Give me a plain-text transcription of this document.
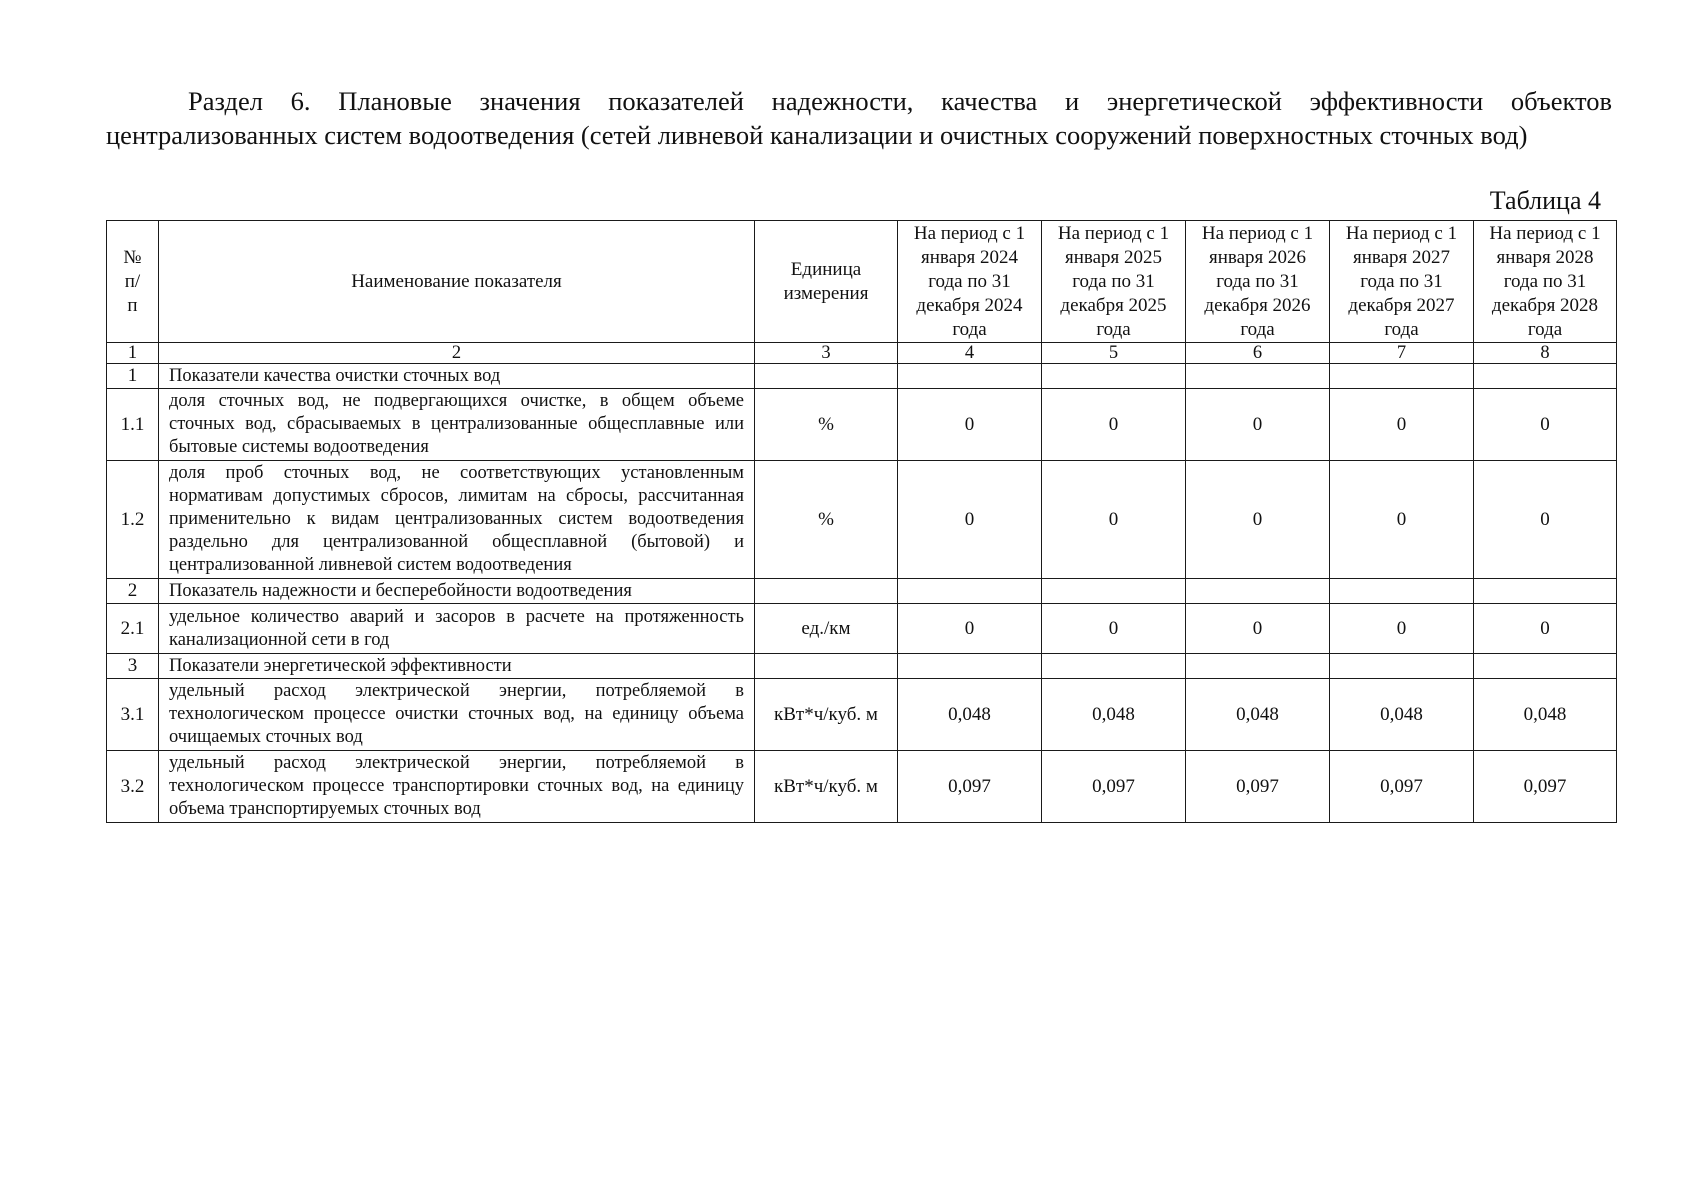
Раздел 6. Плановые значения показателей надежности, качества и энергетической эффективности объектов централизованных систем водоотведения (сетей ливневой канализации и очистных сооружений поверхностных сточных вод)
Таблица 4
№ п/п	Наименование показателя	Единица измерения	На период с 1 января 2024 года по 31 декабря 2024 года	На период с 1 января 2025 года по 31 декабря 2025 года	На период с 1 января 2026 года по 31 декабря 2026 года	На период с 1 января 2027 года по 31 декабря 2027 года	На период с 1 января 2028 года по 31 декабря 2028 года
1	2	3	4	5	6	7	8
1	Показатели качества очистки сточных вод						
1.1	доля сточных вод, не подвергающихся очистке, в общем объеме сточных вод, сбрасываемых в централизованные общесплавные или бытовые системы водоотведения	%	0	0	0	0	0
1.2	доля проб сточных вод, не соответствующих установленным нормативам допустимых сбросов, лимитам на сбросы, рассчитанная применительно к видам централизованных систем водоотведения раздельно для централизованной общесплавной (бытовой) и централизованной ливневой систем водоотведения	%	0	0	0	0	0
2	Показатель надежности и бесперебойности водоотведения						
2.1	удельное количество аварий и засоров в расчете на протяженность канализационной сети в год	ед./км	0	0	0	0	0
3	Показатели энергетической эффективности						
3.1	удельный расход электрической энергии, потребляемой в технологическом процессе очистки сточных вод, на единицу объема очищаемых сточных вод	кВт*ч/куб. м	0,048	0,048	0,048	0,048	0,048
3.2	удельный расход электрической энергии, потребляемой в технологическом процессе транспортировки сточных вод, на единицу объема транспортируемых сточных вод	кВт*ч/куб. м	0,097	0,097	0,097	0,097	0,097
